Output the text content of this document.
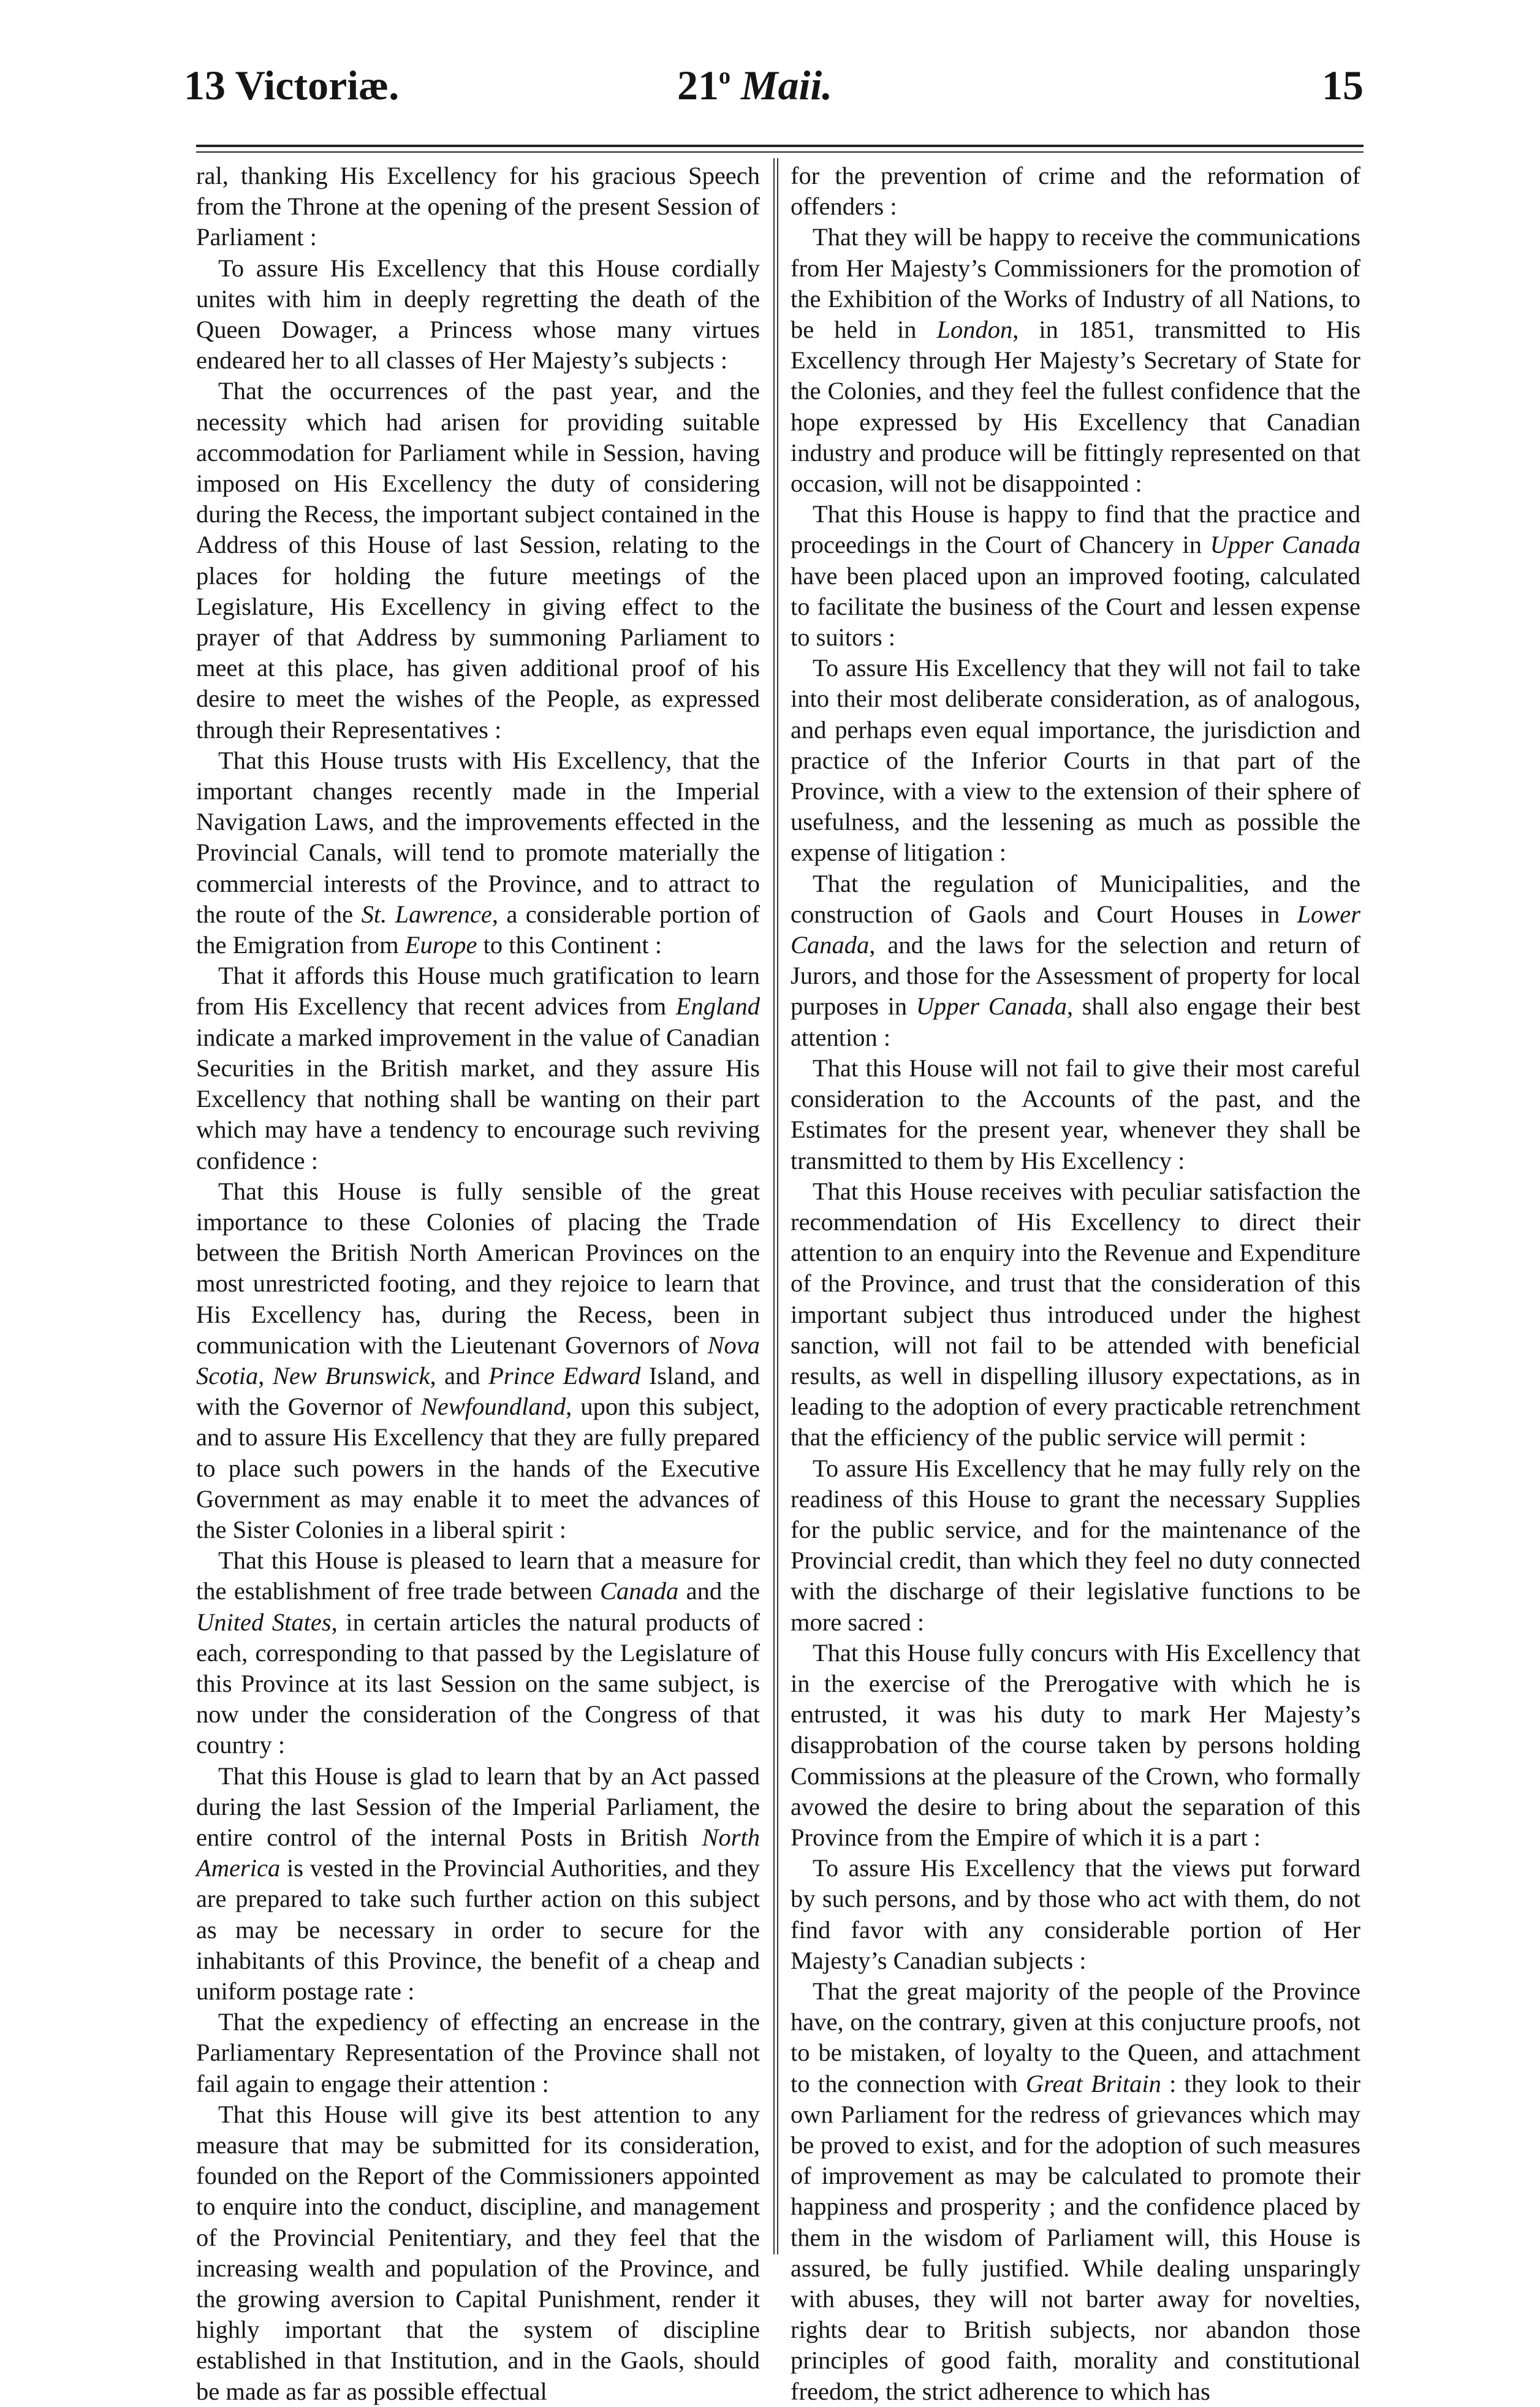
13 Victoriæ.	21$^o$ Maii.	15

ral, thanking His Excellency for his gracious Speech from the Throne at the opening of the present Session of Parliament :

To assure His Excellency that this House cordially unites with him in deeply regretting the death of the Queen Dowager, a Princess whose many virtues endeared her to all classes of Her Majesty’s subjects :

That the occurrences of the past year, and the necessity which had arisen for providing suitable accommodation for Parliament while in Session, having imposed on His Excellency the duty of considering during the Recess, the important subject contained in the Address of this House of last Session, relating to the places for holding the future meetings of the Legislature, His Excellency in giving effect to the prayer of that Address by summoning Parliament to meet at this place, has given additional proof of his desire to meet the wishes of the People, as expressed through their Representatives :

That this House trusts with His Excellency, that the important changes recently made in the Imperial Navigation Laws, and the improvements effected in the Provincial Canals, will tend to promote materially the commercial interests of the Province, and to attract to the route of the St. Lawrence, a considerable portion of the Emigration from Europe to this Continent :

That it affords this House much gratification to learn from His Excellency that recent advices from England indicate a marked improvement in the value of Canadian Securities in the British market, and they assure His Excellency that nothing shall be wanting on their part which may have a tendency to encourage such reviving confidence :

That this House is fully sensible of the great importance to these Colonies of placing the Trade between the British North American Provinces on the most unrestricted footing, and they rejoice to learn that His Excellency has, during the Recess, been in communication with the Lieutenant Governors of Nova Scotia, New Brunswick, and Prince Edward Island, and with the Governor of Newfoundland, upon this subject, and to assure His Excellency that they are fully prepared to place such powers in the hands of the Executive Government as may enable it to meet the advances of the Sister Colonies in a liberal spirit :

That this House is pleased to learn that a measure for the establishment of free trade between Canada and the United States, in certain articles the natural products of each, corresponding to that passed by the Legislature of this Province at its last Session on the same subject, is now under the consideration of the Congress of that country :

That this House is glad to learn that by an Act passed during the last Session of the Imperial Parliament, the entire control of the internal Posts in British North America is vested in the Provincial Authorities, and they are prepared to take such further action on this subject as may be necessary in order to secure for the inhabitants of this Province, the benefit of a cheap and uniform postage rate :

That the expediency of effecting an encrease in the Parliamentary Representation of the Province shall not fail again to engage their attention :

That this House will give its best attention to any measure that may be submitted for its consideration, founded on the Report of the Commissioners appointed to enquire into the conduct, discipline, and management of the Provincial Penitentiary, and they feel that the increasing wealth and population of the Province, and the growing aversion to Capital Punishment, render it highly important that the system of discipline established in that Institution, and in the Gaols, should be made as far as possible effectual

for the prevention of crime and the reformation of offenders :

That they will be happy to receive the communications from Her Majesty’s Commissioners for the promotion of the Exhibition of the Works of Industry of all Nations, to be held in London, in 1851, transmitted to His Excellency through Her Majesty’s Secretary of State for the Colonies, and they feel the fullest confidence that the hope expressed by His Excellency that Canadian industry and produce will be fittingly represented on that occasion, will not be disappointed :

That this House is happy to find that the practice and proceedings in the Court of Chancery in Upper Canada have been placed upon an improved footing, calculated to facilitate the business of the Court and lessen expense to suitors :

To assure His Excellency that they will not fail to take into their most deliberate consideration, as of analogous, and perhaps even equal importance, the jurisdiction and practice of the Inferior Courts in that part of the Province, with a view to the extension of their sphere of usefulness, and the lessening as much as possible the expense of litigation :

That the regulation of Municipalities, and the construction of Gaols and Court Houses in Lower Canada, and the laws for the selection and return of Jurors, and those for the Assessment of property for local purposes in Upper Canada, shall also engage their best attention :

That this House will not fail to give their most careful consideration to the Accounts of the past, and the Estimates for the present year, whenever they shall be transmitted to them by His Excellency :

That this House receives with peculiar satisfaction the recommendation of His Excellency to direct their attention to an enquiry into the Revenue and Expenditure of the Province, and trust that the consideration of this important subject thus introduced under the highest sanction, will not fail to be attended with beneficial results, as well in dispelling illusory expectations, as in leading to the adoption of every practicable retrenchment that the efficiency of the public service will permit :

To assure His Excellency that he may fully rely on the readiness of this House to grant the necessary Supplies for the public service, and for the maintenance of the Provincial credit, than which they feel no duty connected with the discharge of their legislative functions to be more sacred :

That this House fully concurs with His Excellency that in the exercise of the Prerogative with which he is entrusted, it was his duty to mark Her Majesty’s disapprobation of the course taken by persons holding Commissions at the pleasure of the Crown, who formally avowed the desire to bring about the separation of this Province from the Empire of which it is a part :

To assure His Excellency that the views put forward by such persons, and by those who act with them, do not find favor with any considerable portion of Her Majesty’s Canadian subjects :

That the great majority of the people of the Province have, on the contrary, given at this conjucture proofs, not to be mistaken, of loyalty to the Queen, and attachment to the connection with Great Britain : they look to their own Parliament for the redress of grievances which may be proved to exist, and for the adoption of such measures of improvement as may be calculated to promote their happiness and prosperity ; and the confidence placed by them in the wisdom of Parliament will, this House is assured, be fully justified. While dealing unsparingly with abuses, they will not barter away for novelties, rights dear to British subjects, nor abandon those principles of good faith, morality and constitutional freedom, the strict adherence to which has
